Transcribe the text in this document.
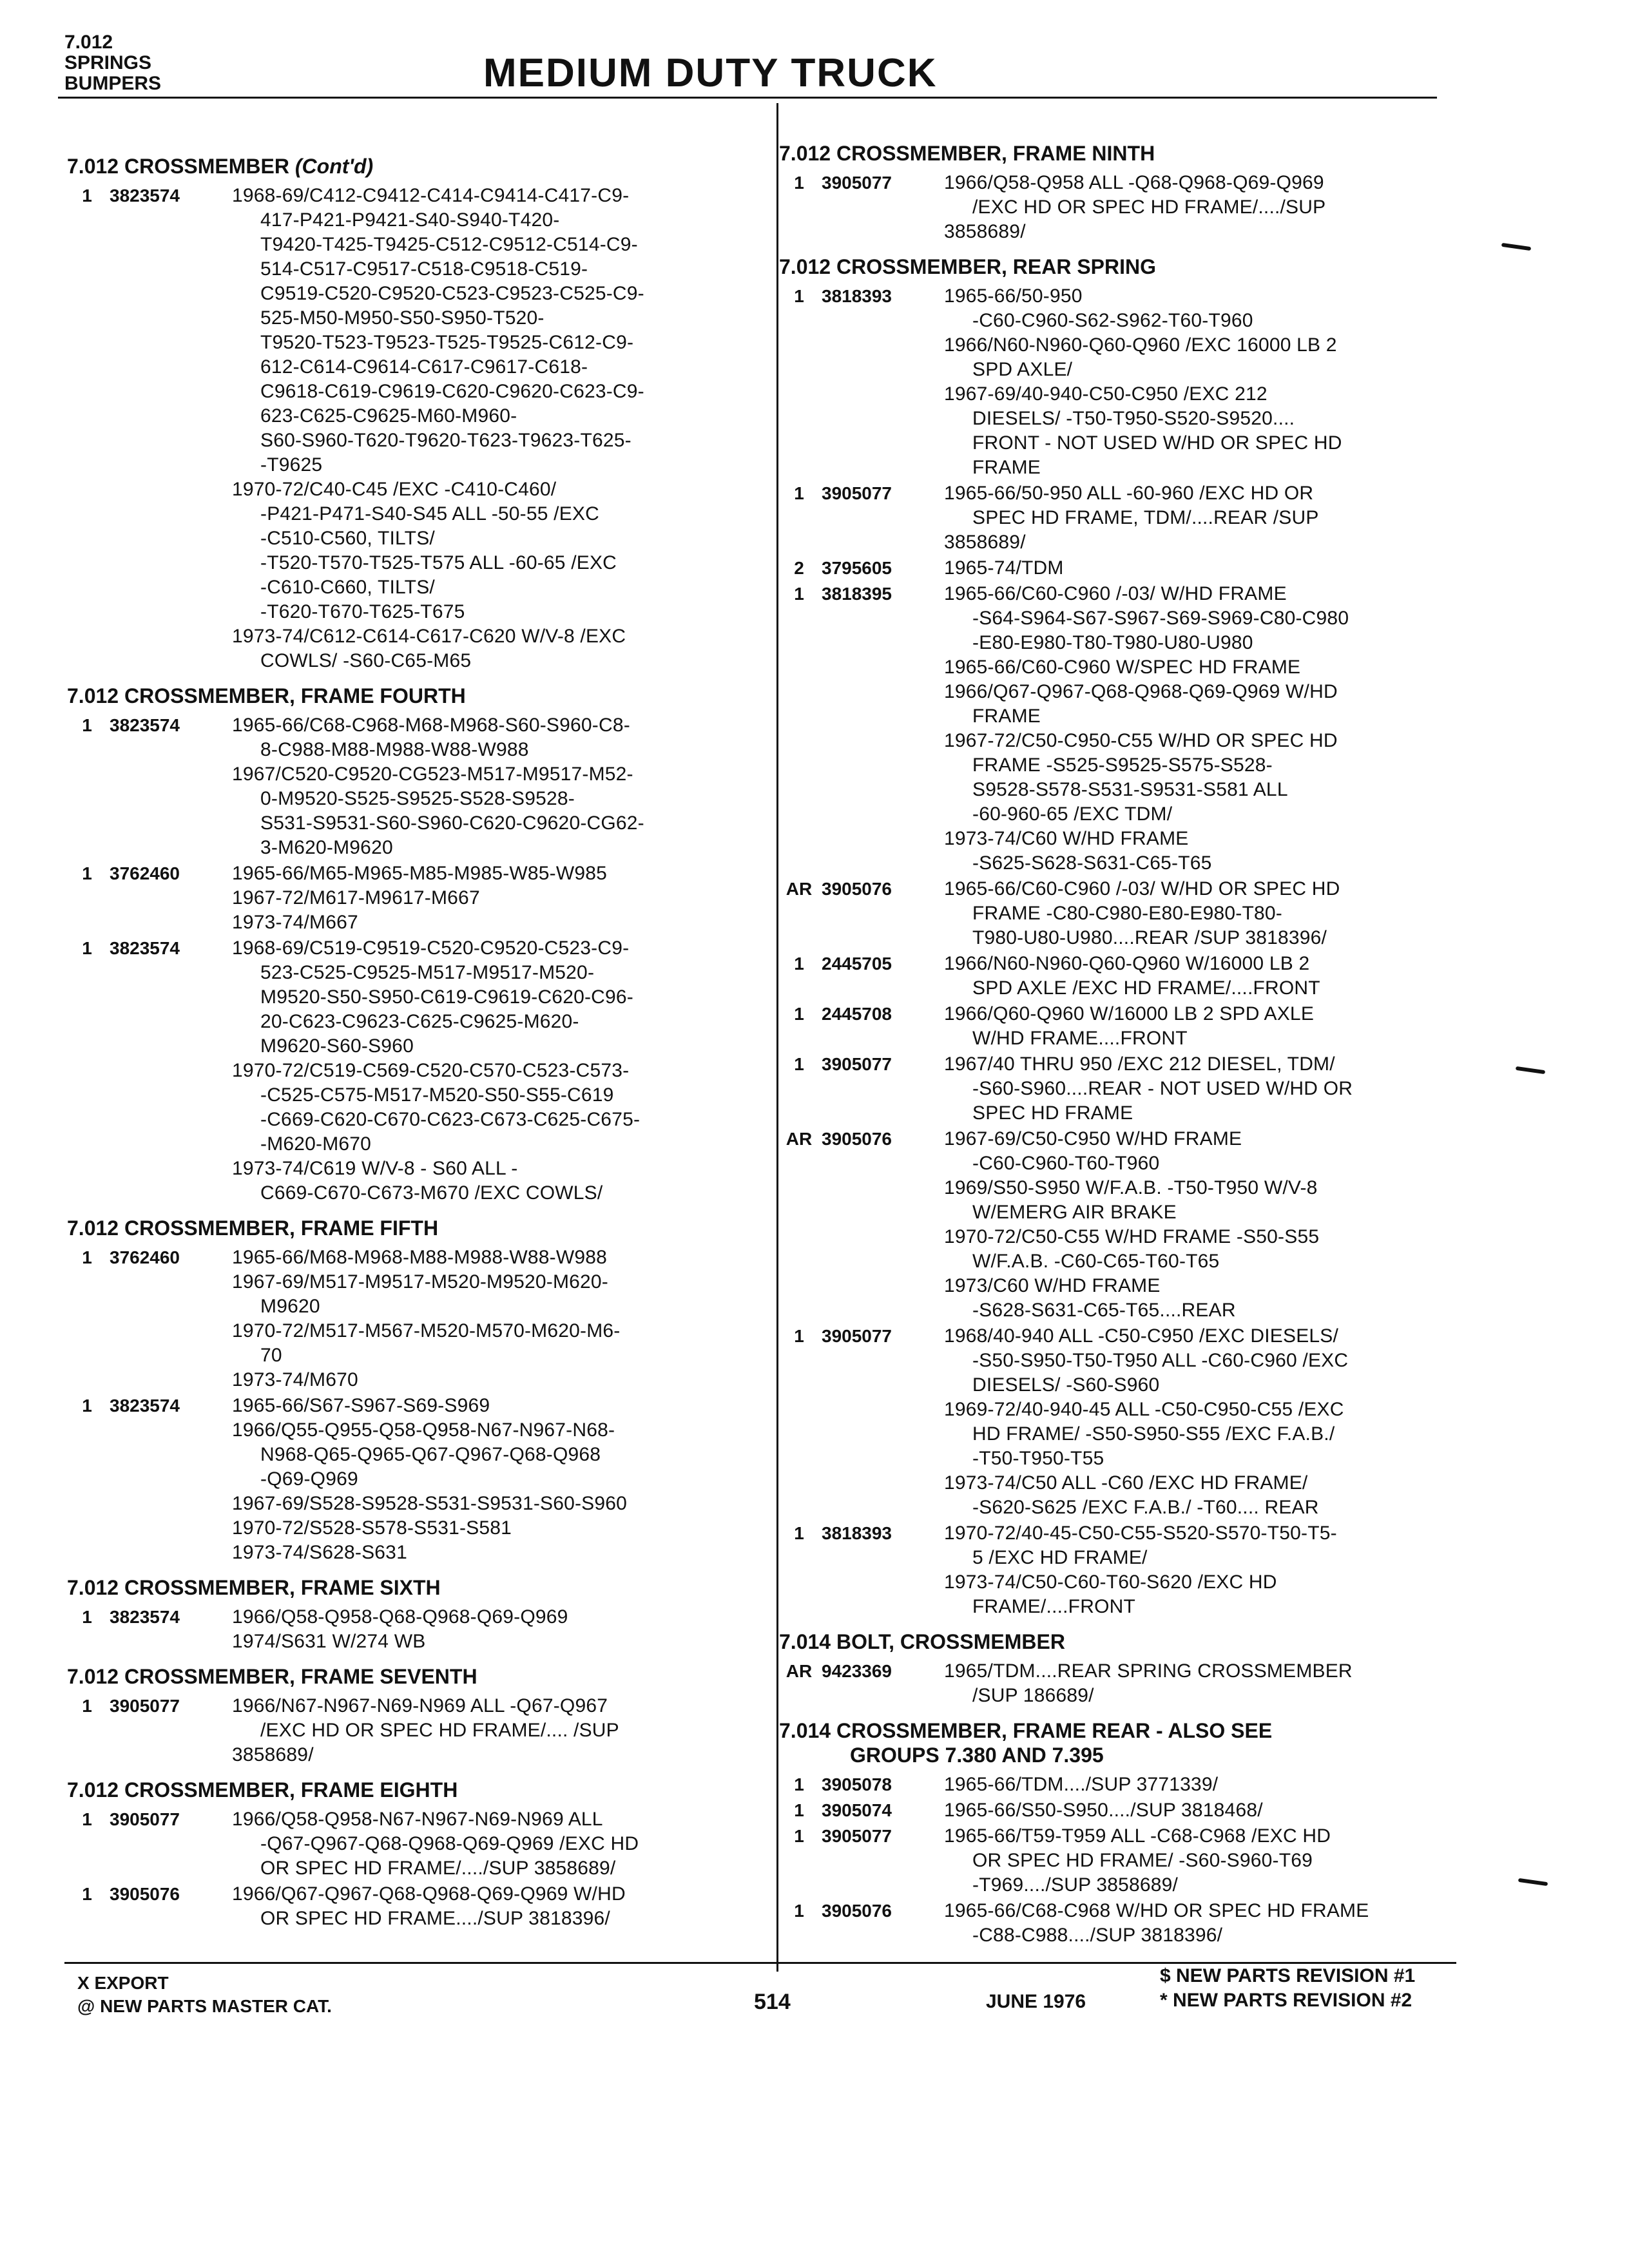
7.012
SPRINGS
BUMPERS	MEDIUM DUTY TRUCK
7.012 CROSSMEMBER (Cont'd)
1 3823574	1968-69/C412-C9412-C414-C9414-C417-C9-
417-P421-P9421-S40-S940-T420-
T9420-T425-T9425-C512-C9512-C514-C9-
514-C517-C9517-C518-C9518-C519-
C9519-C520-C9520-C523-C9523-C525-C9-
525-M50-M950-S50-S950-T520-
T9520-T523-T9523-T525-T9525-C612-C9-
612-C614-C9614-C617-C9617-C618-
C9618-C619-C9619-C620-C9620-C623-C9-
623-C625-C9625-M60-M960-
S60-S960-T620-T9620-T623-T9623-T625-
-T9625
1970-72/C40-C45 /EXC -C410-C460/
-P421-P471-S40-S45 ALL -50-55 /EXC
-C510-C560, TILTS/
-T520-T570-T525-T575 ALL -60-65 /EXC
-C610-C660, TILTS/
-T620-T670-T625-T675
1973-74/C612-C614-C617-C620 W/V-8 /EXC
COWLS/ -S60-C65-M65
7.012 CROSSMEMBER, FRAME FOURTH
1 3823574	1965-66/C68-C968-M68-M968-S60-S960-C8-
8-C988-M88-M988-W88-W988
1967/C520-C9520-CG523-M517-M9517-M52-
0-M9520-S525-S9525-S528-S9528-
S531-S9531-S60-S960-C620-C9620-CG62-
3-M620-M9620
1 3762460	1965-66/M65-M965-M85-M985-W85-W985
1967-72/M617-M9617-M667
1973-74/M667
1 3823574	1968-69/C519-C9519-C520-C9520-C523-C9-
523-C525-C9525-M517-M9517-M520-
M9520-S50-S950-C619-C9619-C620-C96-
20-C623-C9623-C625-C9625-M620-
M9620-S60-S960
1970-72/C519-C569-C520-C570-C523-C573-
-C525-C575-M517-M520-S50-S55-C619
-C669-C620-C670-C623-C673-C625-C675-
-M620-M670
1973-74/C619 W/V-8 - S60 ALL -
C669-C670-C673-M670 /EXC COWLS/
7.012 CROSSMEMBER, FRAME FIFTH
1 3762460	1965-66/M68-M968-M88-M988-W88-W988
1967-69/M517-M9517-M520-M9520-M620-
M9620
1970-72/M517-M567-M520-M570-M620-M6-
70
1973-74/M670
1 3823574	1965-66/S67-S967-S69-S969
1966/Q55-Q955-Q58-Q958-N67-N967-N68-
N968-Q65-Q965-Q67-Q967-Q68-Q968
-Q69-Q969
1967-69/S528-S9528-S531-S9531-S60-S960
1970-72/S528-S578-S531-S581
1973-74/S628-S631
7.012 CROSSMEMBER, FRAME SIXTH
1 3823574	1966/Q58-Q958-Q68-Q968-Q69-Q969
1974/S631 W/274 WB
7.012 CROSSMEMBER, FRAME SEVENTH
1 3905077	1966/N67-N967-N69-N969 ALL -Q67-Q967
/EXC HD OR SPEC HD FRAME/.... /SUP
3858689/
7.012 CROSSMEMBER, FRAME EIGHTH
1 3905077	1966/Q58-Q958-N67-N967-N69-N969 ALL
-Q67-Q967-Q68-Q968-Q69-Q969 /EXC HD
OR SPEC HD FRAME/..../SUP 3858689/
1 3905076	1966/Q67-Q967-Q68-Q968-Q69-Q969 W/HD
OR SPEC HD FRAME..../SUP 3818396/
7.012 CROSSMEMBER, FRAME NINTH
1 3905077	1966/Q58-Q958 ALL -Q68-Q968-Q69-Q969
/EXC HD OR SPEC HD FRAME/..../SUP
3858689/
7.012 CROSSMEMBER, REAR SPRING
1 3818393	1965-66/50-950
-C60-C960-S62-S962-T60-T960
1966/N60-N960-Q60-Q960 /EXC 16000 LB 2
SPD AXLE/
1967-69/40-940-C50-C950 /EXC 212
DIESELS/ -T50-T950-S520-S9520....
FRONT - NOT USED W/HD OR SPEC HD
FRAME
1 3905077	1965-66/50-950 ALL -60-960 /EXC HD OR
SPEC HD FRAME, TDM/....REAR /SUP
3858689/
2 3795605	1965-74/TDM
1 3818395	1965-66/C60-C960 /-03/ W/HD FRAME
-S64-S964-S67-S967-S69-S969-C80-C980
-E80-E980-T80-T980-U80-U980
1965-66/C60-C960 W/SPEC HD FRAME
1966/Q67-Q967-Q68-Q968-Q69-Q969 W/HD
FRAME
1967-72/C50-C950-C55 W/HD OR SPEC HD
FRAME -S525-S9525-S575-S528-
S9528-S578-S531-S9531-S581 ALL
-60-960-65 /EXC TDM/
1973-74/C60 W/HD FRAME
-S625-S628-S631-C65-T65
AR 3905076	1965-66/C60-C960 /-03/ W/HD OR SPEC HD
FRAME -C80-C980-E80-E980-T80-
T980-U80-U980....REAR /SUP 3818396/
1 2445705	1966/N60-N960-Q60-Q960 W/16000 LB 2
SPD AXLE /EXC HD FRAME/....FRONT
1 2445708	1966/Q60-Q960 W/16000 LB 2 SPD AXLE
W/HD FRAME....FRONT
1 3905077	1967/40 THRU 950 /EXC 212 DIESEL, TDM/
-S60-S960....REAR - NOT USED W/HD OR
SPEC HD FRAME
AR 3905076	1967-69/C50-C950 W/HD FRAME
-C60-C960-T60-T960
1969/S50-S950 W/F.A.B. -T50-T950 W/V-8
W/EMERG AIR BRAKE
1970-72/C50-C55 W/HD FRAME -S50-S55
W/F.A.B. -C60-C65-T60-T65
1973/C60 W/HD FRAME
-S628-S631-C65-T65....REAR
1 3905077	1968/40-940 ALL -C50-C950 /EXC DIESELS/
-S50-S950-T50-T950 ALL -C60-C960 /EXC
DIESELS/ -S60-S960
1969-72/40-940-45 ALL -C50-C950-C55 /EXC
HD FRAME/ -S50-S950-S55 /EXC F.A.B./
-T50-T950-T55
1973-74/C50 ALL -C60 /EXC HD FRAME/
-S620-S625 /EXC F.A.B./ -T60.... REAR
1 3818393	1970-72/40-45-C50-C55-S520-S570-T50-T5-
5 /EXC HD FRAME/
1973-74/C50-C60-T60-S620 /EXC HD
FRAME/....FRONT
7.014 BOLT, CROSSMEMBER
AR 9423369	1965/TDM....REAR SPRING CROSSMEMBER
/SUP 186689/
7.014 CROSSMEMBER, FRAME REAR - ALSO SEE
GROUPS 7.380 AND 7.395
1 3905078	1965-66/TDM..../SUP 3771339/
1 3905074	1965-66/S50-S950..../SUP 3818468/
1 3905077	1965-66/T59-T959 ALL -C68-C968 /EXC HD
OR SPEC HD FRAME/ -S60-S960-T69
-T969..../SUP 3858689/
1 3905076	1965-66/C68-C968 W/HD OR SPEC HD FRAME
-C88-C988..../SUP 3818396/
X EXPORT
@ NEW PARTS MASTER CAT.	514	JUNE 1976
$ NEW PARTS REVISION #1
* NEW PARTS REVISION #2
